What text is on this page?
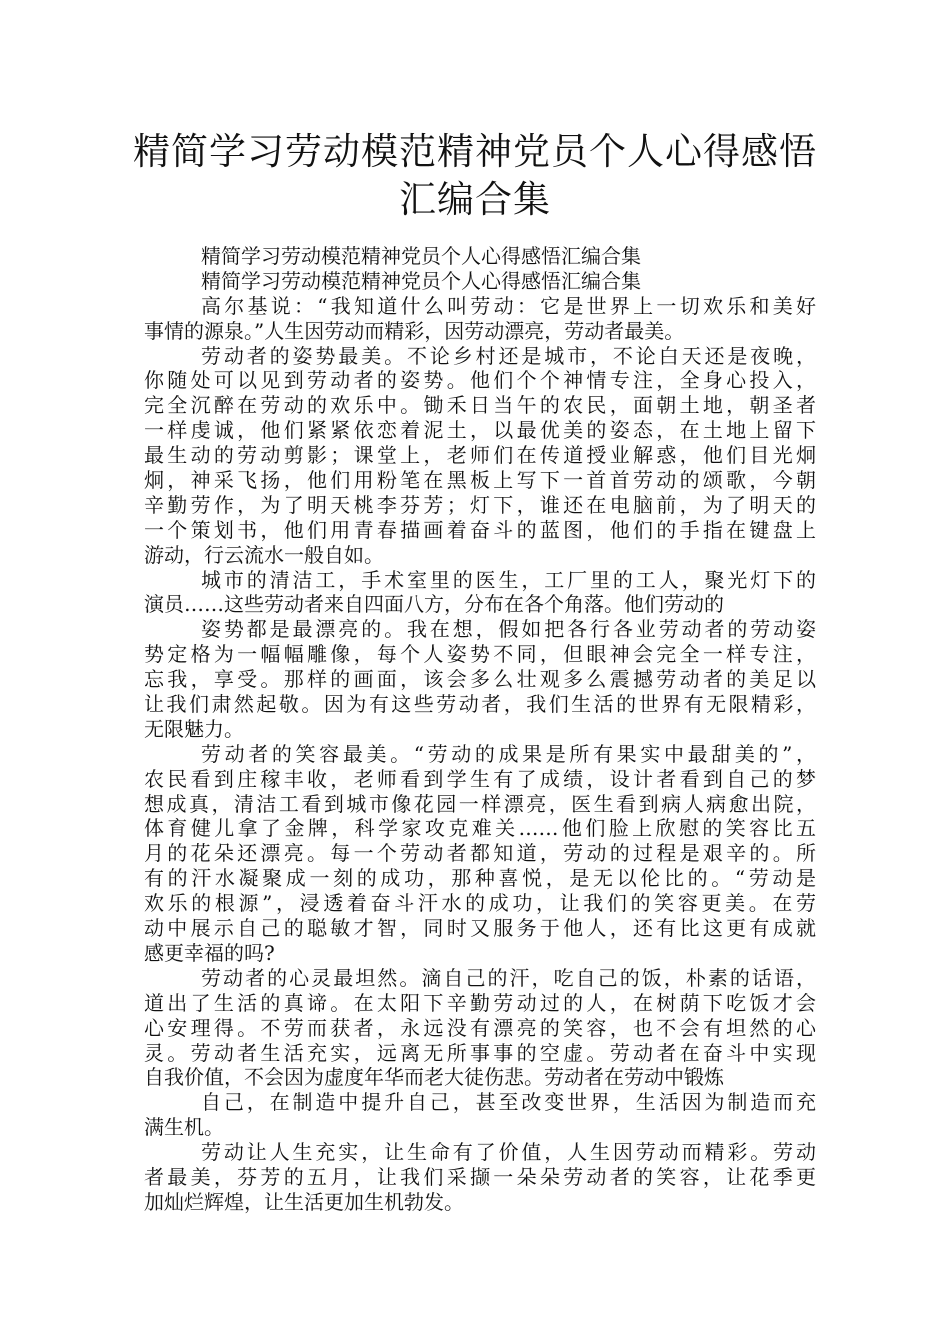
精简学习劳动模范精神党员个人心得感悟
汇编合集
精简学习劳动模范精神党员个人心得感悟汇编合集
精简学习劳动模范精神党员个人心得感悟汇编合集
高尔基说：“我知道什么叫劳动：它是世界上一切欢乐和美好
事情的源泉。”人生因劳动而精彩，因劳动漂亮，劳动者最美。
劳动者的姿势最美。不论乡村还是城市，不论白天还是夜晚，
你随处可以见到劳动者的姿势。他们个个神情专注，全身心投入，
完全沉醉在劳动的欢乐中。锄禾日当午的农民，面朝土地，朝圣者
一样虔诚，他们紧紧依恋着泥土，以最优美的姿态，在土地上留下
最生动的劳动剪影；课堂上，老师们在传道授业解惑，他们目光炯
炯，神采飞扬，他们用粉笔在黑板上写下一首首劳动的颂歌，今朝
辛勤劳作，为了明天桃李芬芳；灯下，谁还在电脑前，为了明天的
一个策划书，他们用青春描画着奋斗的蓝图，他们的手指在键盘上
游动，行云流水一般自如。
城市的清洁工，手术室里的医生，工厂里的工人，聚光灯下的
演员……这些劳动者来自四面八方，分布在各个角落。他们劳动的
姿势都是最漂亮的。我在想，假如把各行各业劳动者的劳动姿
势定格为一幅幅雕像，每个人姿势不同，但眼神会完全一样专注，
忘我，享受。那样的画面，该会多么壮观多么震撼劳动者的美足以
让我们肃然起敬。因为有这些劳动者，我们生活的世界有无限精彩，
无限魅力。
劳动者的笑容最美。“劳动的成果是所有果实中最甜美的”，
农民看到庄稼丰收，老师看到学生有了成绩，设计者看到自己的梦
想成真，清洁工看到城市像花园一样漂亮，医生看到病人病愈出院，
体育健儿拿了金牌，科学家攻克难关……他们脸上欣慰的笑容比五
月的花朵还漂亮。每一个劳动者都知道，劳动的过程是艰辛的。所
有的汗水凝聚成一刻的成功，那种喜悦，是无以伦比的。“劳动是
欢乐的根源”，浸透着奋斗汗水的成功，让我们的笑容更美。在劳
动中展示自己的聪敏才智，同时又服务于他人，还有比这更有成就
感更幸福的吗?
劳动者的心灵最坦然。滴自己的汗，吃自己的饭，朴素的话语，
道出了生活的真谛。在太阳下辛勤劳动过的人，在树荫下吃饭才会
心安理得。不劳而获者，永远没有漂亮的笑容，也不会有坦然的心
灵。劳动者生活充实，远离无所事事的空虚。劳动者在奋斗中实现
自我价值，不会因为虚度年华而老大徒伤悲。劳动者在劳动中锻炼
自己，在制造中提升自己，甚至改变世界，生活因为制造而充
满生机。
劳动让人生充实，让生命有了价值，人生因劳动而精彩。劳动
者最美，芬芳的五月，让我们采撷一朵朵劳动者的笑容，让花季更
加灿烂辉煌，让生活更加生机勃发。
